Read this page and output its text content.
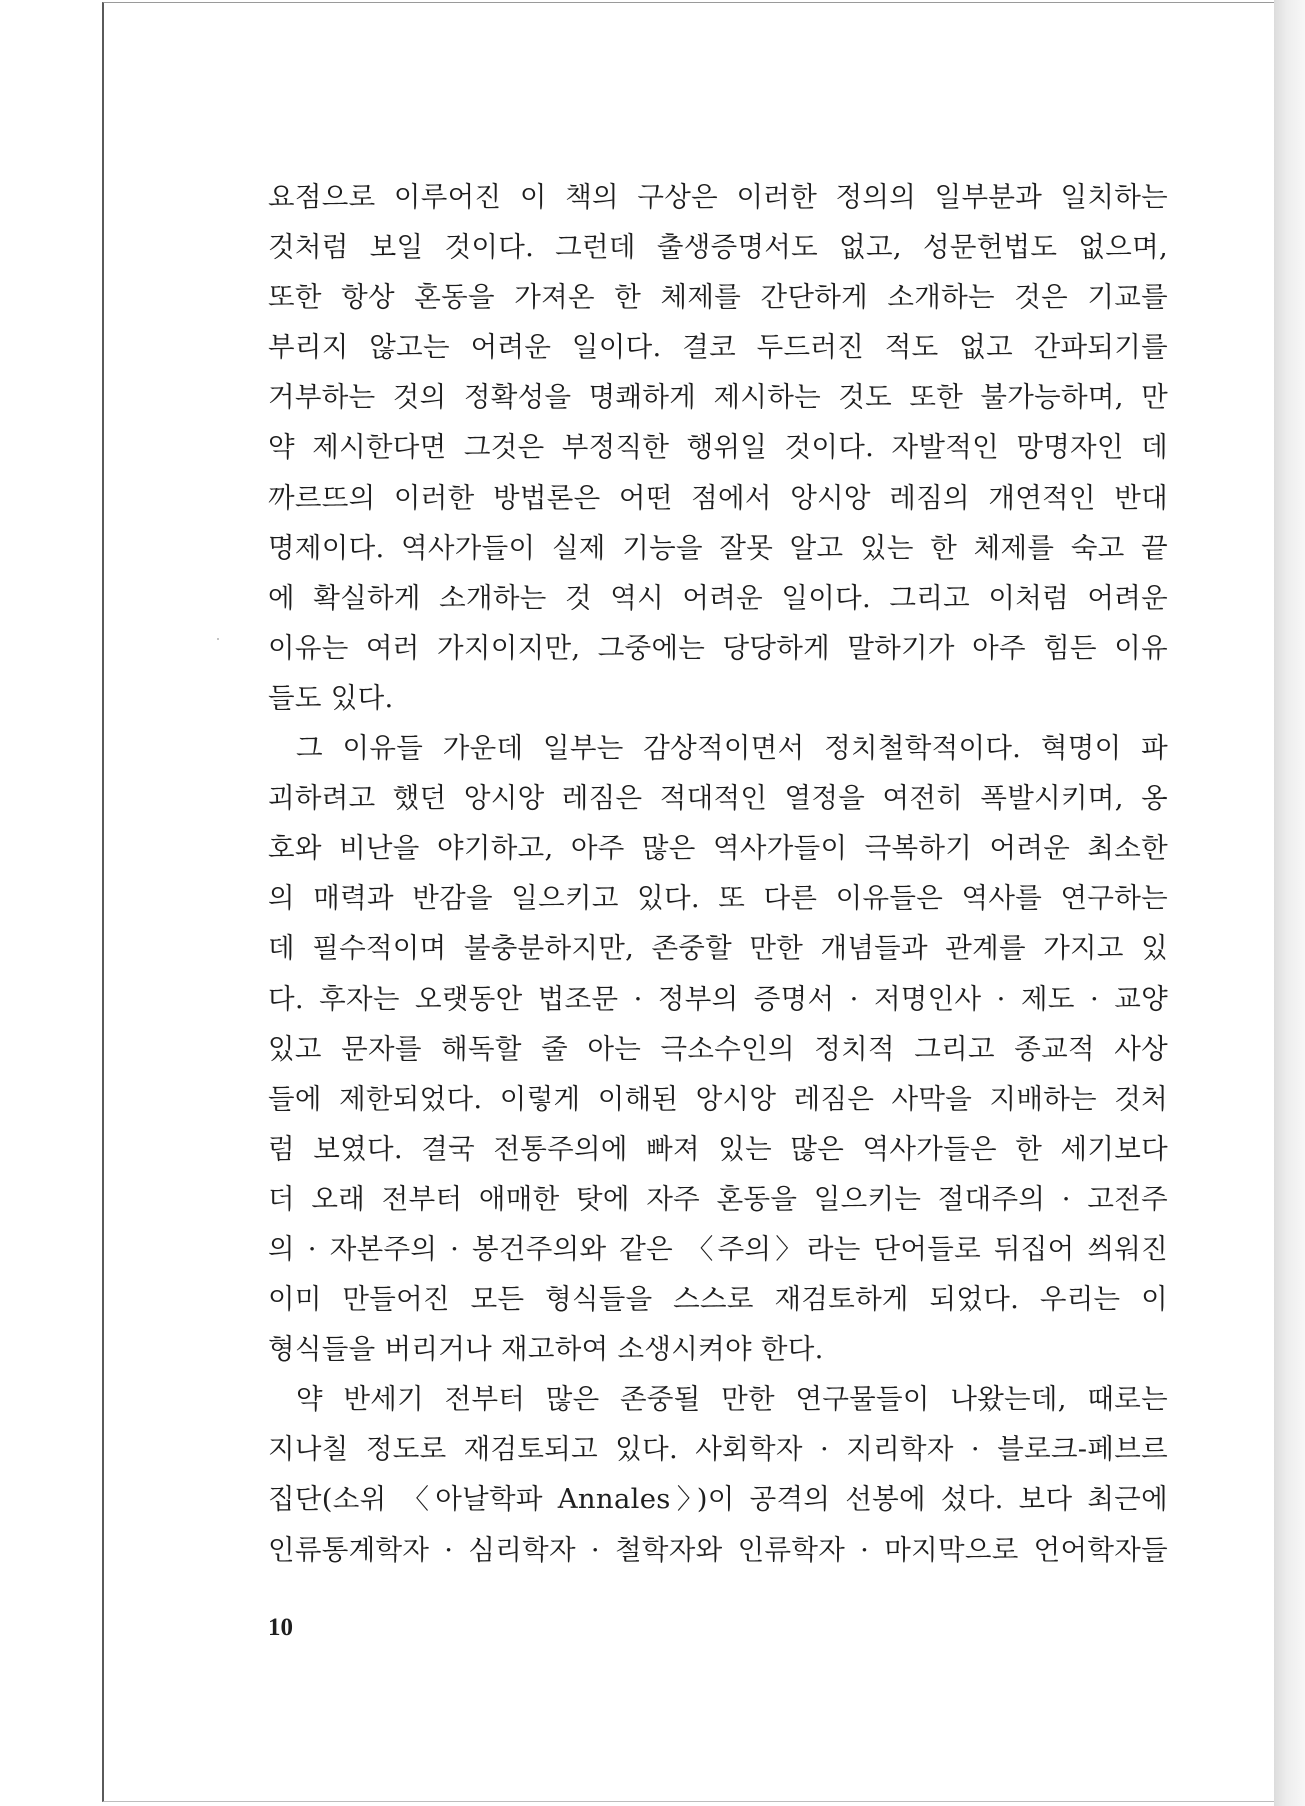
요점으로 이루어진 이 책의 구상은 이러한 정의의 일부분과 일치하는
것처럼 보일 것이다. 그런데 출생증명서도 없고, 성문헌법도 없으며,
또한 항상 혼동을 가져온 한 체제를 간단하게 소개하는 것은 기교를
부리지 않고는 어려운 일이다. 결코 두드러진 적도 없고 간파되기를
거부하는 것의 정확성을 명쾌하게 제시하는 것도 또한 불가능하며, 만
약 제시한다면 그것은 부정직한 행위일 것이다. 자발적인 망명자인 데
까르뜨의 이러한 방법론은 어떤 점에서 앙시앙 레짐의 개연적인 반대
명제이다. 역사가들이 실제 기능을 잘못 알고 있는 한 체제를 숙고 끝
에 확실하게 소개하는 것 역시 어려운 일이다. 그리고 이처럼 어려운
이유는 여러 가지이지만, 그중에는 당당하게 말하기가 아주 힘든 이유
들도 있다.
그 이유들 가운데 일부는 감상적이면서 정치철학적이다. 혁명이 파
괴하려고 했던 앙시앙 레짐은 적대적인 열정을 여전히 폭발시키며, 옹
호와 비난을 야기하고, 아주 많은 역사가들이 극복하기 어려운 최소한
의 매력과 반감을 일으키고 있다. 또 다른 이유들은 역사를 연구하는
데 필수적이며 불충분하지만, 존중할 만한 개념들과 관계를 가지고 있
다. 후자는 오랫동안 법조문 · 정부의 증명서 · 저명인사 · 제도 · 교양
있고 문자를 해독할 줄 아는 극소수인의 정치적 그리고 종교적 사상
들에 제한되었다. 이렇게 이해된 앙시앙 레짐은 사막을 지배하는 것처
럼 보였다. 결국 전통주의에 빠져 있는 많은 역사가들은 한 세기보다
더 오래 전부터 애매한 탓에 자주 혼동을 일으키는 절대주의 · 고전주
의 · 자본주의 · 봉건주의와 같은 〈주의〉라는 단어들로 뒤집어 씌워진
이미 만들어진 모든 형식들을 스스로 재검토하게 되었다. 우리는 이
형식들을 버리거나 재고하여 소생시켜야 한다.
약 반세기 전부터 많은 존중될 만한 연구물들이 나왔는데, 때로는
지나칠 정도로 재검토되고 있다. 사회학자 · 지리학자 · 블로크-페브르
집단(소위 〈아날학파 Annales〉)이 공격의 선봉에 섰다. 보다 최근에
인류통계학자 · 심리학자 · 철학자와 인류학자 · 마지막으로 언어학자들
10
